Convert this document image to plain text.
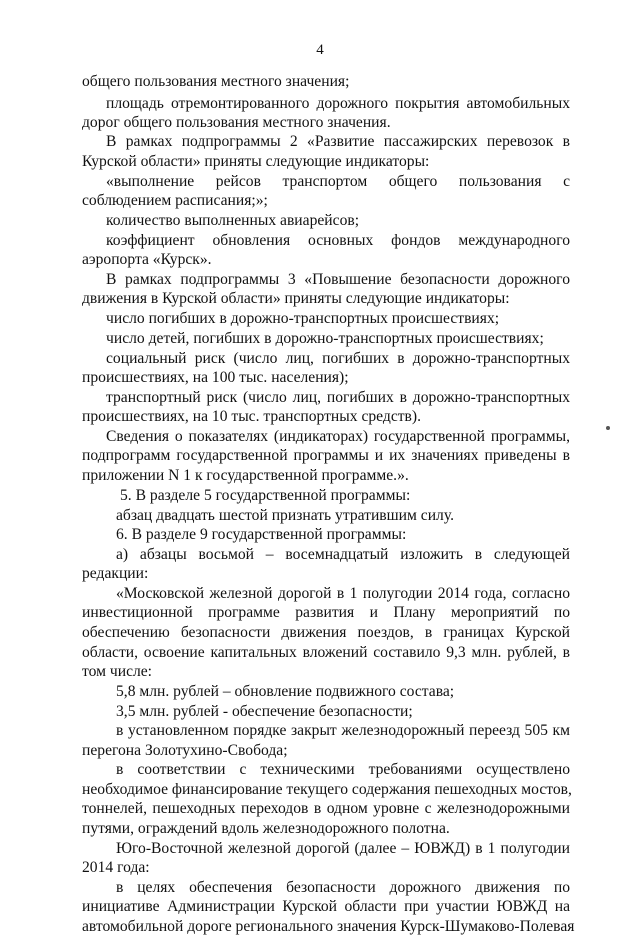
4
общего пользования местного значения;
площадь отремонтированного дорожного покрытия автомобильных
дорог общего пользования местного значения.
В рамках подпрограммы 2 «Развитие пассажирских перевозок в
Курской области» приняты следующие индикаторы:
«выполнение рейсов транспортом общего пользования с
соблюдением расписания;»;
количество выполненных авиарейсов;
коэффициент обновления основных фондов международного
аэропорта «Курск».
В рамках подпрограммы 3 «Повышение безопасности дорожного
движения в Курской области» приняты следующие индикаторы:
число погибших в дорожно-транспортных происшествиях;
число детей, погибших в дорожно-транспортных происшествиях;
социальный риск (число лиц, погибших в дорожно-транспортных
происшествиях, на 100 тыс. населения);
транспортный риск (число лиц, погибших в дорожно-транспортных
происшествиях, на 10 тыс. транспортных средств).
Сведения о показателях (индикаторах) государственной программы,
подпрограмм государственной программы и их значениях приведены в
приложении N 1 к государственной программе.».
5. В разделе 5 государственной программы:
абзац двадцать шестой признать утратившим силу.
6. В разделе 9 государственной программы:
а) абзацы восьмой – восемнадцатый изложить в следующей
редакции:
«Московской железной дорогой в 1 полугодии 2014 года, согласно
инвестиционной программе развития и Плану мероприятий по
обеспечению безопасности движения поездов, в границах Курской
области, освоение капитальных вложений составило 9,3 млн. рублей, в
том числе:
5,8 млн. рублей – обновление подвижного состава;
3,5 млн. рублей - обеспечение безопасности;
в установленном порядке закрыт железнодорожный переезд 505 км
перегона Золотухино-Свобода;
в соответствии с техническими требованиями осуществлено
необходимое финансирование текущего содержания пешеходных мостов,
тоннелей, пешеходных переходов в одном уровне с железнодорожными
путями, ограждений вдоль железнодорожного полотна.
Юго-Восточной железной дорогой (далее – ЮВЖД) в 1 полугодии
2014 года:
в целях обеспечения безопасности дорожного движения по
инициативе Администрации Курской области при участии ЮВЖД на
автомобильной дороге регионального значения Курск-Шумаково-Полевая
